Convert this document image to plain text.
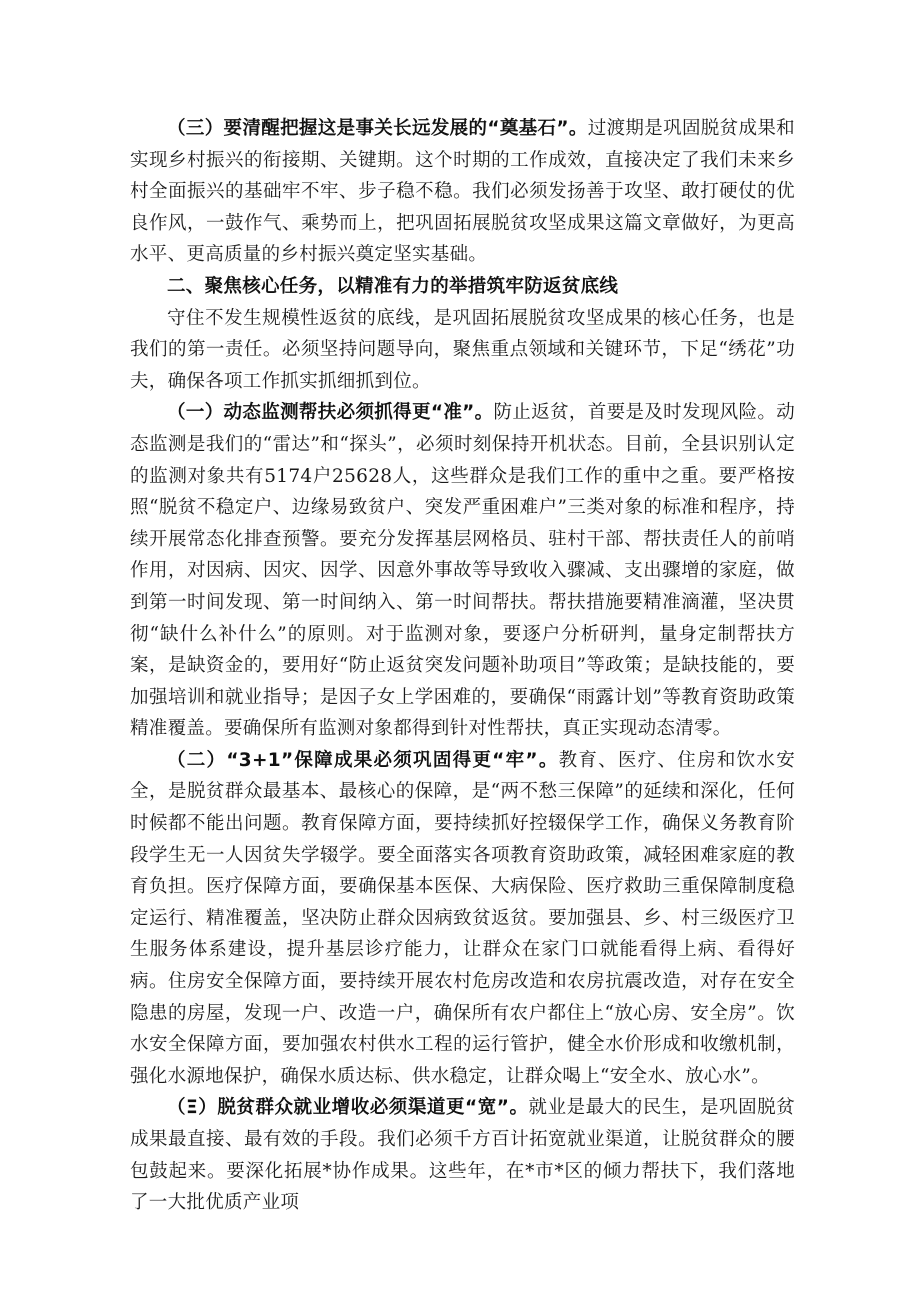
（三）要清醒把握这是事关长远发展的“奠基石”。过渡期是巩固脱贫成果和实现乡村振兴的衔接期、关键期。这个时期的工作成效，直接决定了我们未来乡村全面振兴的基础牢不牢、步子稳不稳。我们必须发扬善于攻坚、敢打硬仗的优良作风，一鼓作气、乘势而上，把巩固拓展脱贫攻坚成果这篇文章做好，为更高水平、更高质量的乡村振兴奠定坚实基础。

二、聚焦核心任务，以精准有力的举措筑牢防返贫底线

守住不发生规模性返贫的底线，是巩固拓展脱贫攻坚成果的核心任务，也是我们的第一责任。必须坚持问题导向，聚焦重点领域和关键环节，下足“绣花”功夫，确保各项工作抓实抓细抓到位。

（一）动态监测帮扶必须抓得更“准”。防止返贫，首要是及时发现风险。动态监测是我们的“雷达”和“探头”，必须时刻保持开机状态。目前，全县识别认定的监测对象共有5174户25628人，这些群众是我们工作的重中之重。要严格按照“脱贫不稳定户、边缘易致贫户、突发严重困难户”三类对象的标准和程序，持续开展常态化排查预警。要充分发挥基层网格员、驻村干部、帮扶责任人的前哨作用，对因病、因灾、因学、因意外事故等导致收入骤减、支出骤增的家庭，做到第一时间发现、第一时间纳入、第一时间帮扶。帮扶措施要精准滴灌，坚决贯彻“缺什么补什么”的原则。对于监测对象，要逐户分析研判，量身定制帮扶方案，是缺资金的，要用好“防止返贫突发问题补助项目”等政策；是缺技能的，要加强培训和就业指导；是因子女上学困难的，要确保“雨露计划”等教育资助政策精准覆盖。要确保所有监测对象都得到针对性帮扶，真正实现动态清零。

（二）“3+1”保障成果必须巩固得更“牢”。教育、医疗、住房和饮水安全，是脱贫群众最基本、最核心的保障，是“两不愁三保障”的延续和深化，任何时候都不能出问题。教育保障方面，要持续抓好控辍保学工作，确保义务教育阶段学生无一人因贫失学辍学。要全面落实各项教育资助政策，减轻困难家庭的教育负担。医疗保障方面，要确保基本医保、大病保险、医疗救助三重保障制度稳定运行、精准覆盖，坚决防止群众因病致贫返贫。要加强县、乡、村三级医疗卫生服务体系建设，提升基层诊疗能力，让群众在家门口就能看得上病、看得好病。住房安全保障方面，要持续开展农村危房改造和农房抗震改造，对存在安全隐患的房屋，发现一户、改造一户，确保所有农户都住上“放心房、安全房”。饮水安全保障方面，要加强农村供水工程的运行管护，健全水价形成和收缴机制，强化水源地保护，确保水质达标、供水稳定，让群众喝上“安全水、放心水”。

（Ξ）脱贫群众就业增收必须渠道更“宽”。就业是最大的民生，是巩固脱贫成果最直接、最有效的手段。我们必须千方百计拓宽就业渠道，让脱贫群众的腰包鼓起来。要深化拓展*协作成果。这些年，在*市*区的倾力帮扶下，我们落地了一大批优质产业项
